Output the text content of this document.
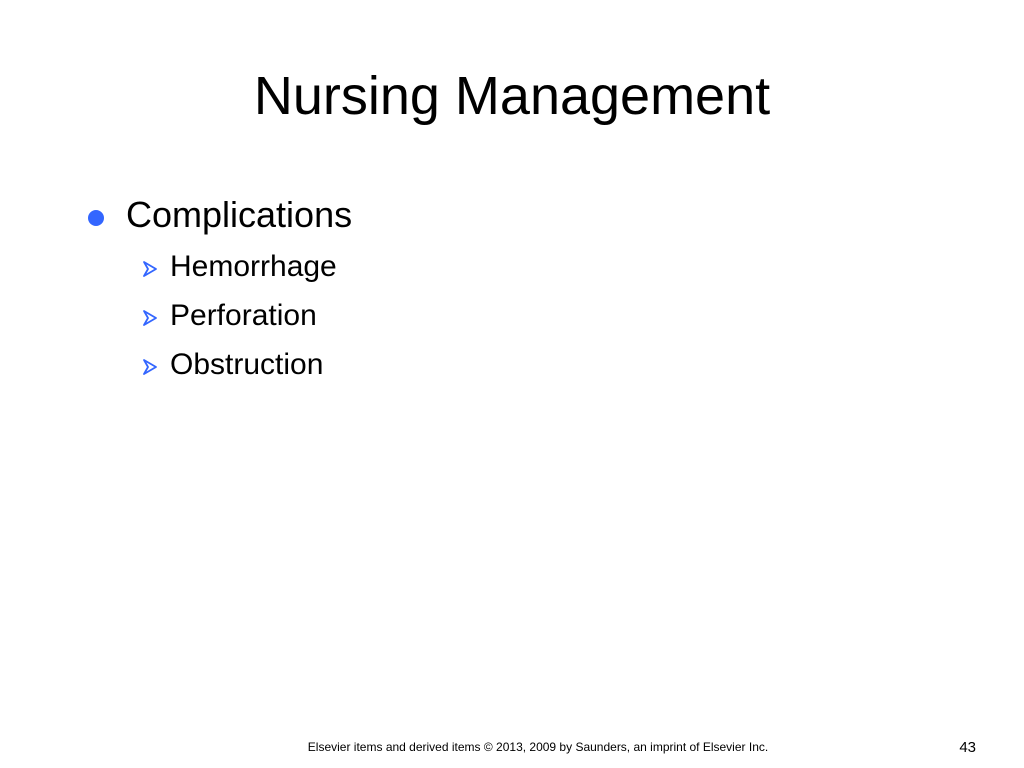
Nursing Management
Complications
Hemorrhage
Perforation
Obstruction
Elsevier items and derived items © 2013, 2009 by Saunders, an imprint of Elsevier Inc.	43
